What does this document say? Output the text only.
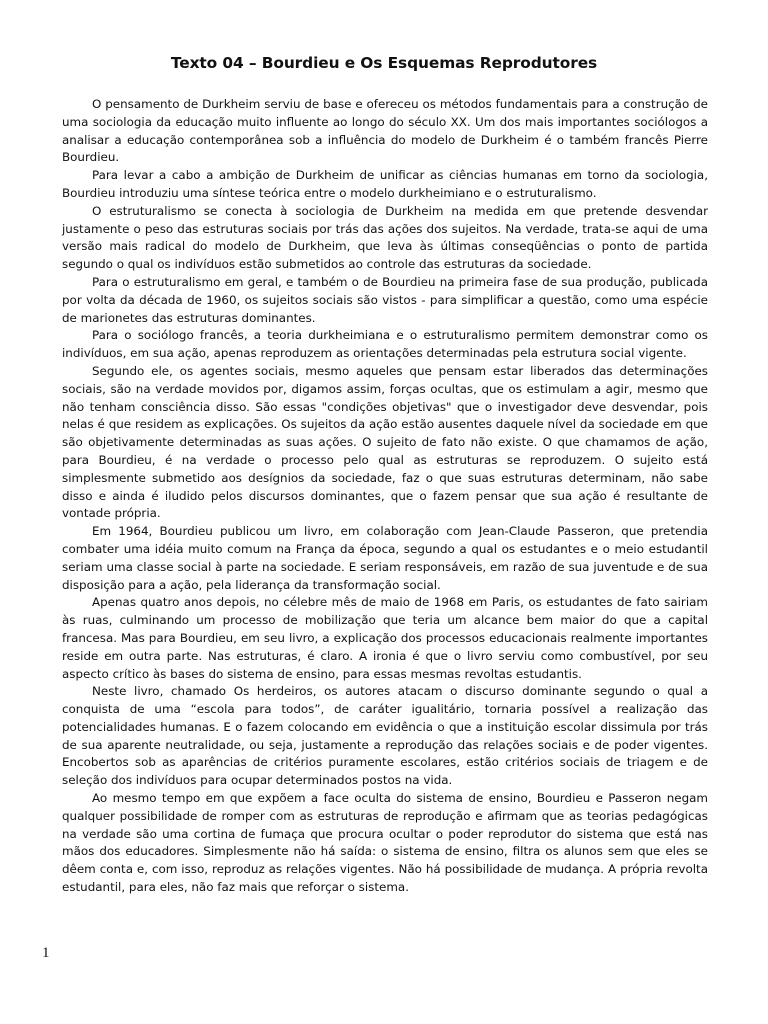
Texto 04 – Bourdieu e Os Esquemas Reprodutores

O pensamento de Durkheim serviu de base e ofereceu os métodos fundamentais para a construção de uma sociologia da educação muito influente ao longo do século XX. Um dos mais importantes sociólogos a analisar a educação contemporânea sob a influência do modelo de Durkheim é o também francês Pierre Bourdieu.

Para levar a cabo a ambição de Durkheim de unificar as ciências humanas em torno da sociologia, Bourdieu introduziu uma síntese teórica entre o modelo durkheimiano e o estruturalismo.

O estruturalismo se conecta à sociologia de Durkheim na medida em que pretende desvendar justamente o peso das estruturas sociais por trás das ações dos sujeitos. Na verdade, trata-se aqui de uma versão mais radical do modelo de Durkheim, que leva às últimas conseqüências o ponto de partida segundo o qual os indivíduos estão submetidos ao controle das estruturas da sociedade.

Para o estruturalismo em geral, e também o de Bourdieu na primeira fase de sua produção, publicada por volta da década de 1960, os sujeitos sociais são vistos - para simplificar a questão, como uma espécie de marionetes das estruturas dominantes.

Para o sociólogo francês, a teoria durkheimiana e o estruturalismo permitem demonstrar como os indivíduos, em sua ação, apenas reproduzem as orientações determinadas pela estrutura social vigente.

Segundo ele, os agentes sociais, mesmo aqueles que pensam estar liberados das determinações sociais, são na verdade movidos por, digamos assim, forças ocultas, que os estimulam a agir, mesmo que não tenham consciência disso. São essas "condições objetivas" que o investigador deve desvendar, pois nelas é que residem as explicações. Os sujeitos da ação estão ausentes daquele nível da sociedade em que são objetivamente determinadas as suas ações. O sujeito de fato não existe. O que chamamos de ação, para Bourdieu, é na verdade o processo pelo qual as estruturas se reproduzem. O sujeito está simplesmente submetido aos desígnios da sociedade, faz o que suas estruturas determinam, não sabe disso e ainda é iludido pelos discursos dominantes, que o fazem pensar que sua ação é resultante de vontade própria.

Em 1964, Bourdieu publicou um livro, em colaboração com Jean-Claude Passeron, que pretendia combater uma idéia muito comum na França da época, segundo a qual os estudantes e o meio estudantil seriam uma classe social à parte na sociedade. E seriam responsáveis, em razão de sua juventude e de sua disposição para a ação, pela liderança da transformação social.

Apenas quatro anos depois, no célebre mês de maio de 1968 em Paris, os estudantes de fato sairiam às ruas, culminando um processo de mobilização que teria um alcance bem maior do que a capital francesa. Mas para Bourdieu, em seu livro, a explicação dos processos educacionais realmente importantes reside em outra parte. Nas estruturas, é claro. A ironia é que o livro serviu como combustível, por seu aspecto crítico às bases do sistema de ensino, para essas mesmas revoltas estudantis.

Neste livro, chamado Os herdeiros, os autores atacam o discurso dominante segundo o qual a conquista de uma “escola para todos”, de caráter igualitário, tornaria possível a realização das potencialidades humanas. E o fazem colocando em evidência o que a instituição escolar dissimula por trás de sua aparente neutralidade, ou seja, justamente a reprodução das relações sociais e de poder vigentes. Encobertos sob as aparências de critérios puramente escolares, estão critérios sociais de triagem e de seleção dos indivíduos para ocupar determinados postos na vida.

Ao mesmo tempo em que expõem a face oculta do sistema de ensino, Bourdieu e Passeron negam qualquer possibilidade de romper com as estruturas de reprodução e afirmam que as teorias pedagógicas na verdade são uma cortina de fumaça que procura ocultar o poder reprodutor do sistema que está nas mãos dos educadores. Simplesmente não há saída: o sistema de ensino, filtra os alunos sem que eles se dêem conta e, com isso, reproduz as relações vigentes. Não há possibilidade de mudança. A própria revolta estudantil, para eles, não faz mais que reforçar o sistema.

1
